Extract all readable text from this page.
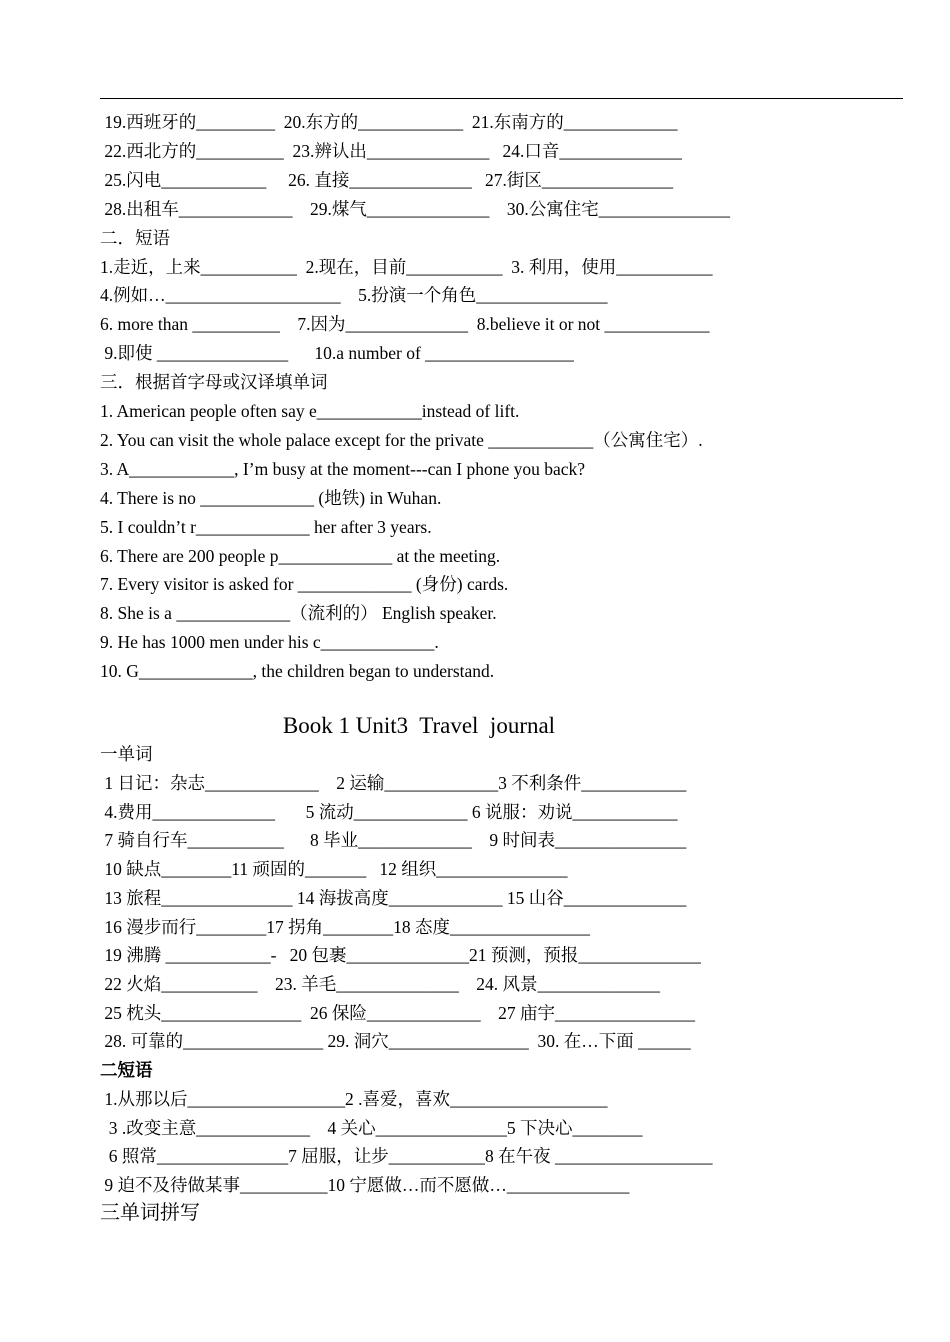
19.西班牙的_________  20.东方的____________  21.东南方的_____________
22.西北方的__________  23.辨认出______________   24.口音______________
25.闪电____________     26. 直接______________   27.街区_______________
28.出租车_____________    29.煤气______________    30.公寓住宅_______________
二．短语
1.走近，上来___________  2.现在，目前___________  3. 利用，使用___________
4.例如…____________________    5.扮演一个角色_______________
6. more than __________    7.因为______________  8.believe it or not ____________
9.即使 _______________      10.a number of _________________
三．根据首字母或汉译填单词
1. American people often say e____________instead of lift.
2. You can visit the whole palace except for the private ____________（公寓住宅）.
3. A____________, I’m busy at the moment---can I phone you back?
4. There is no _____________ (地铁) in Wuhan.
5. I couldn’t r_____________ her after 3 years.
6. There are 200 people p_____________ at the meeting.
7. Every visitor is asked for _____________ (身份) cards.
8. She is a _____________（流利的） English speaker.
9. He has 1000 men under his c_____________.
10. G_____________, the children began to understand.
Book 1 Unit3  Travel  journal
一单词
1 日记：杂志_____________    2 运输_____________3 不利条件____________
4.费用______________       5 流动_____________ 6 说服：劝说____________
7 骑自行车___________      8 毕业_____________    9 时间表_______________
10 缺点________11 顽固的_______   12 组织_______________
13 旅程_______________ 14 海拔高度_____________ 15 山谷______________
16 漫步而行________17 拐角________18 态度________________
19 沸腾 ____________-   20 包裹______________21 预测，预报______________
22 火焰___________    23. 羊毛______________    24. 风景______________
25 枕头________________  26 保险_____________    27 庙宇________________
28. 可靠的________________ 29. 洞穴________________  30. 在…下面 ______
二短语
1.从那以后__________________2 .喜爱，喜欢__________________
3 .改变主意_____________    4 关心_______________5 下决心________
6 照常_______________7 屈服，让步___________8 在午夜 __________________
9 迫不及待做某事__________10 宁愿做…而不愿做…______________
三单词拼写
